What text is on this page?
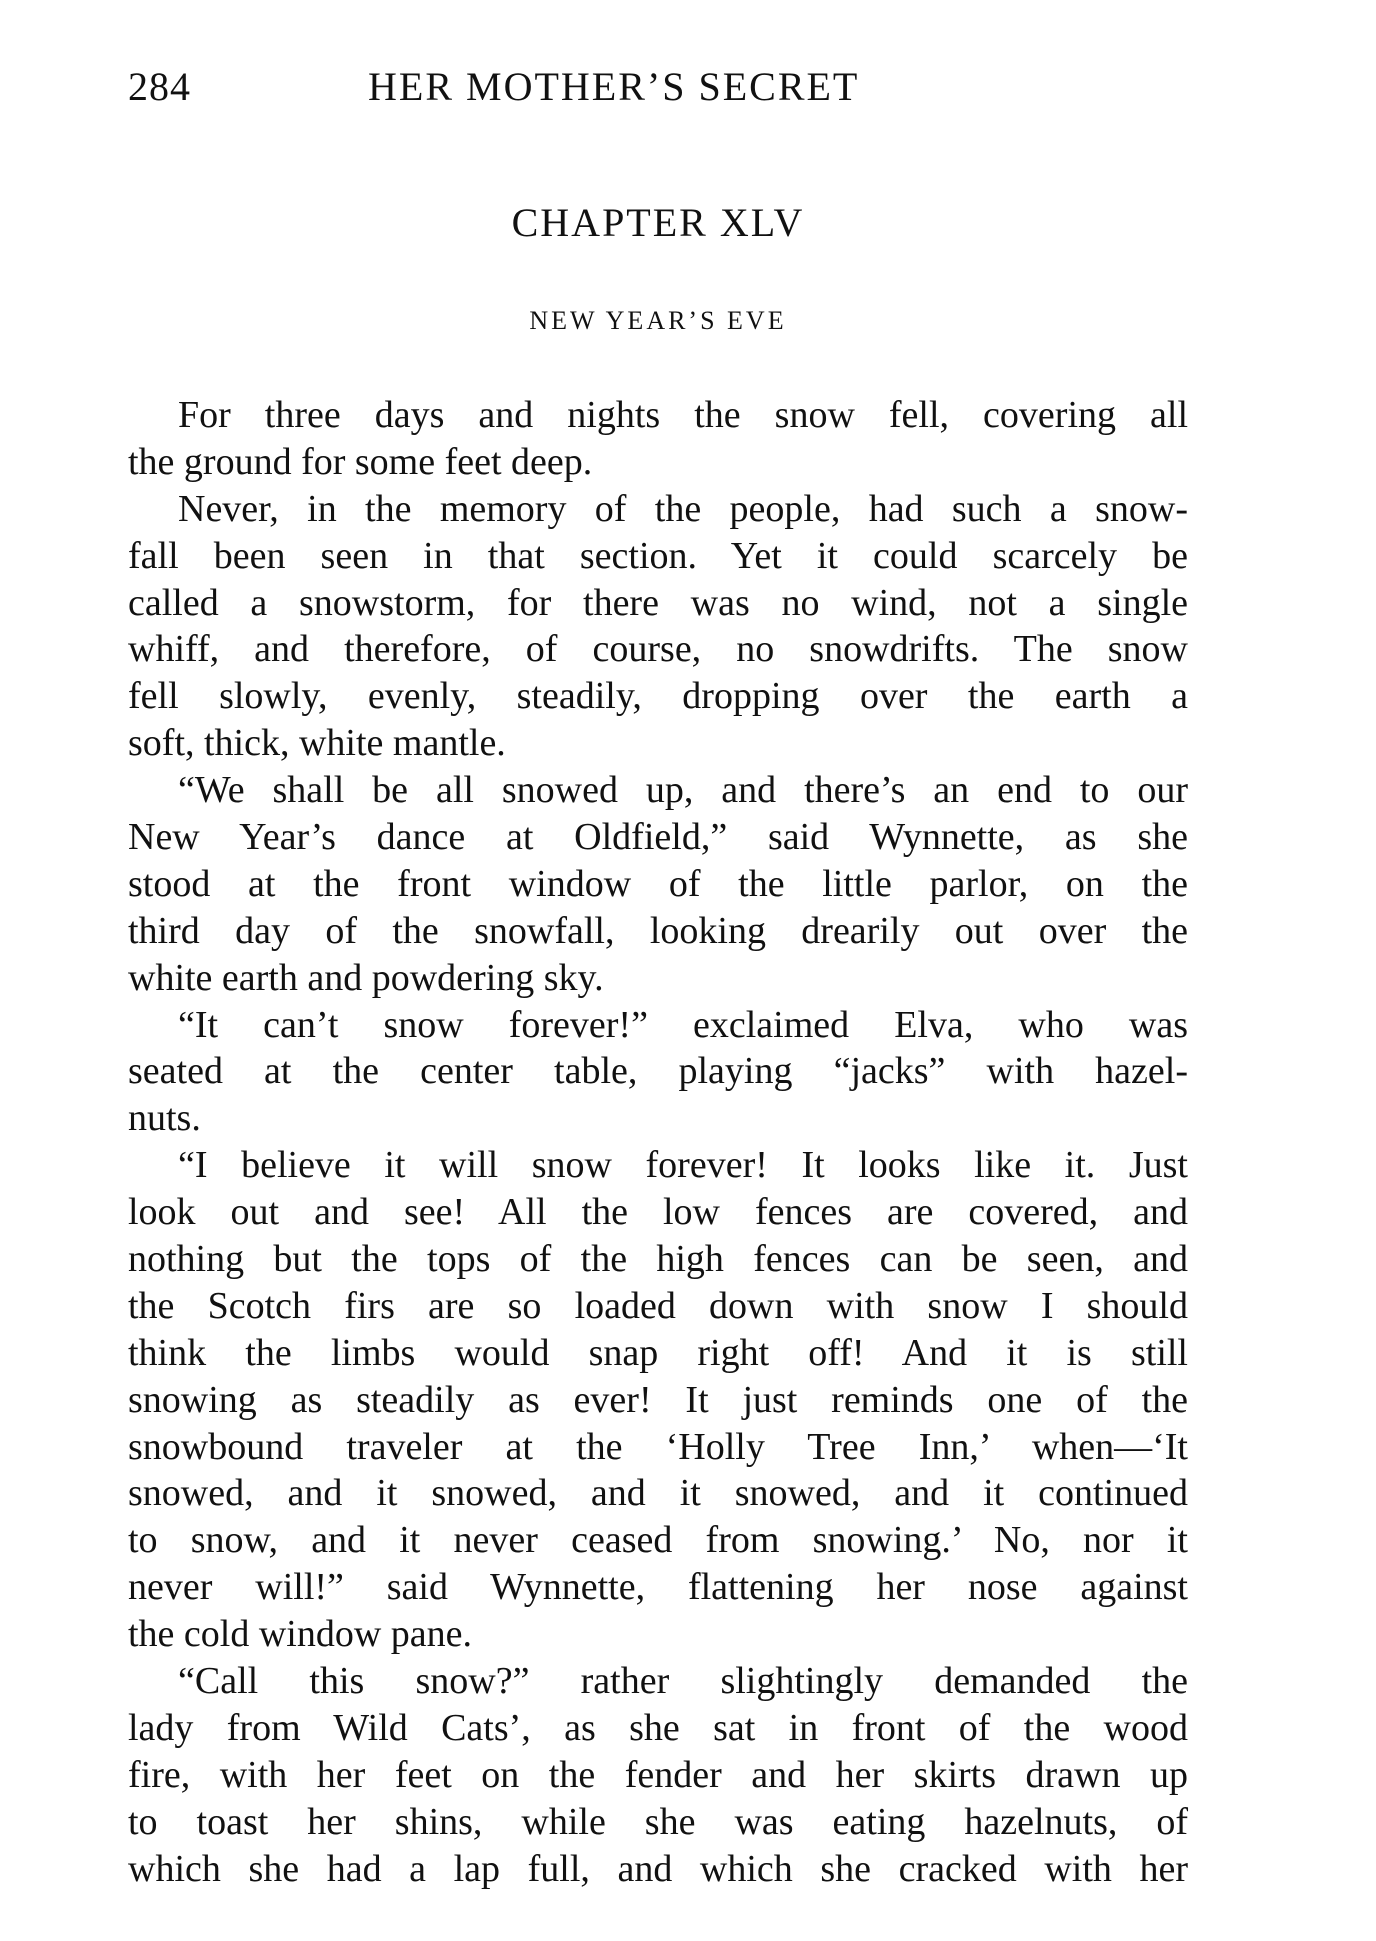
284	HER MOTHER’S SECRET
CHAPTER XLV
NEW YEAR’S EVE
For three days and nights the snow fell, covering all
the ground for some feet deep.
Never, in the memory of the people, had such a snow-
fall been seen in that section. Yet it could scarcely be
called a snowstorm, for there was no wind, not a single
whiff, and therefore, of course, no snowdrifts. The snow
fell slowly, evenly, steadily, dropping over the earth a
soft, thick, white mantle.
“We shall be all snowed up, and there’s an end to our
New Year’s dance at Oldfield,” said Wynnette, as she
stood at the front window of the little parlor, on the
third day of the snowfall, looking drearily out over the
white earth and powdering sky.
“It can’t snow forever!” exclaimed Elva, who was
seated at the center table, playing “jacks” with hazel-
nuts.
“I believe it will snow forever! It looks like it. Just
look out and see! All the low fences are covered, and
nothing but the tops of the high fences can be seen, and
the Scotch firs are so loaded down with snow I should
think the limbs would snap right off! And it is still
snowing as steadily as ever! It just reminds one of the
snowbound traveler at the ‘Holly Tree Inn,’ when—‘It
snowed, and it snowed, and it snowed, and it continued
to snow, and it never ceased from snowing.’ No, nor it
never will!” said Wynnette, flattening her nose against
the cold window pane.
“Call this snow?” rather slightingly demanded the
lady from Wild Cats’, as she sat in front of the wood
fire, with her feet on the fender and her skirts drawn up
to toast her shins, while she was eating hazelnuts, of
which she had a lap full, and which she cracked with her
